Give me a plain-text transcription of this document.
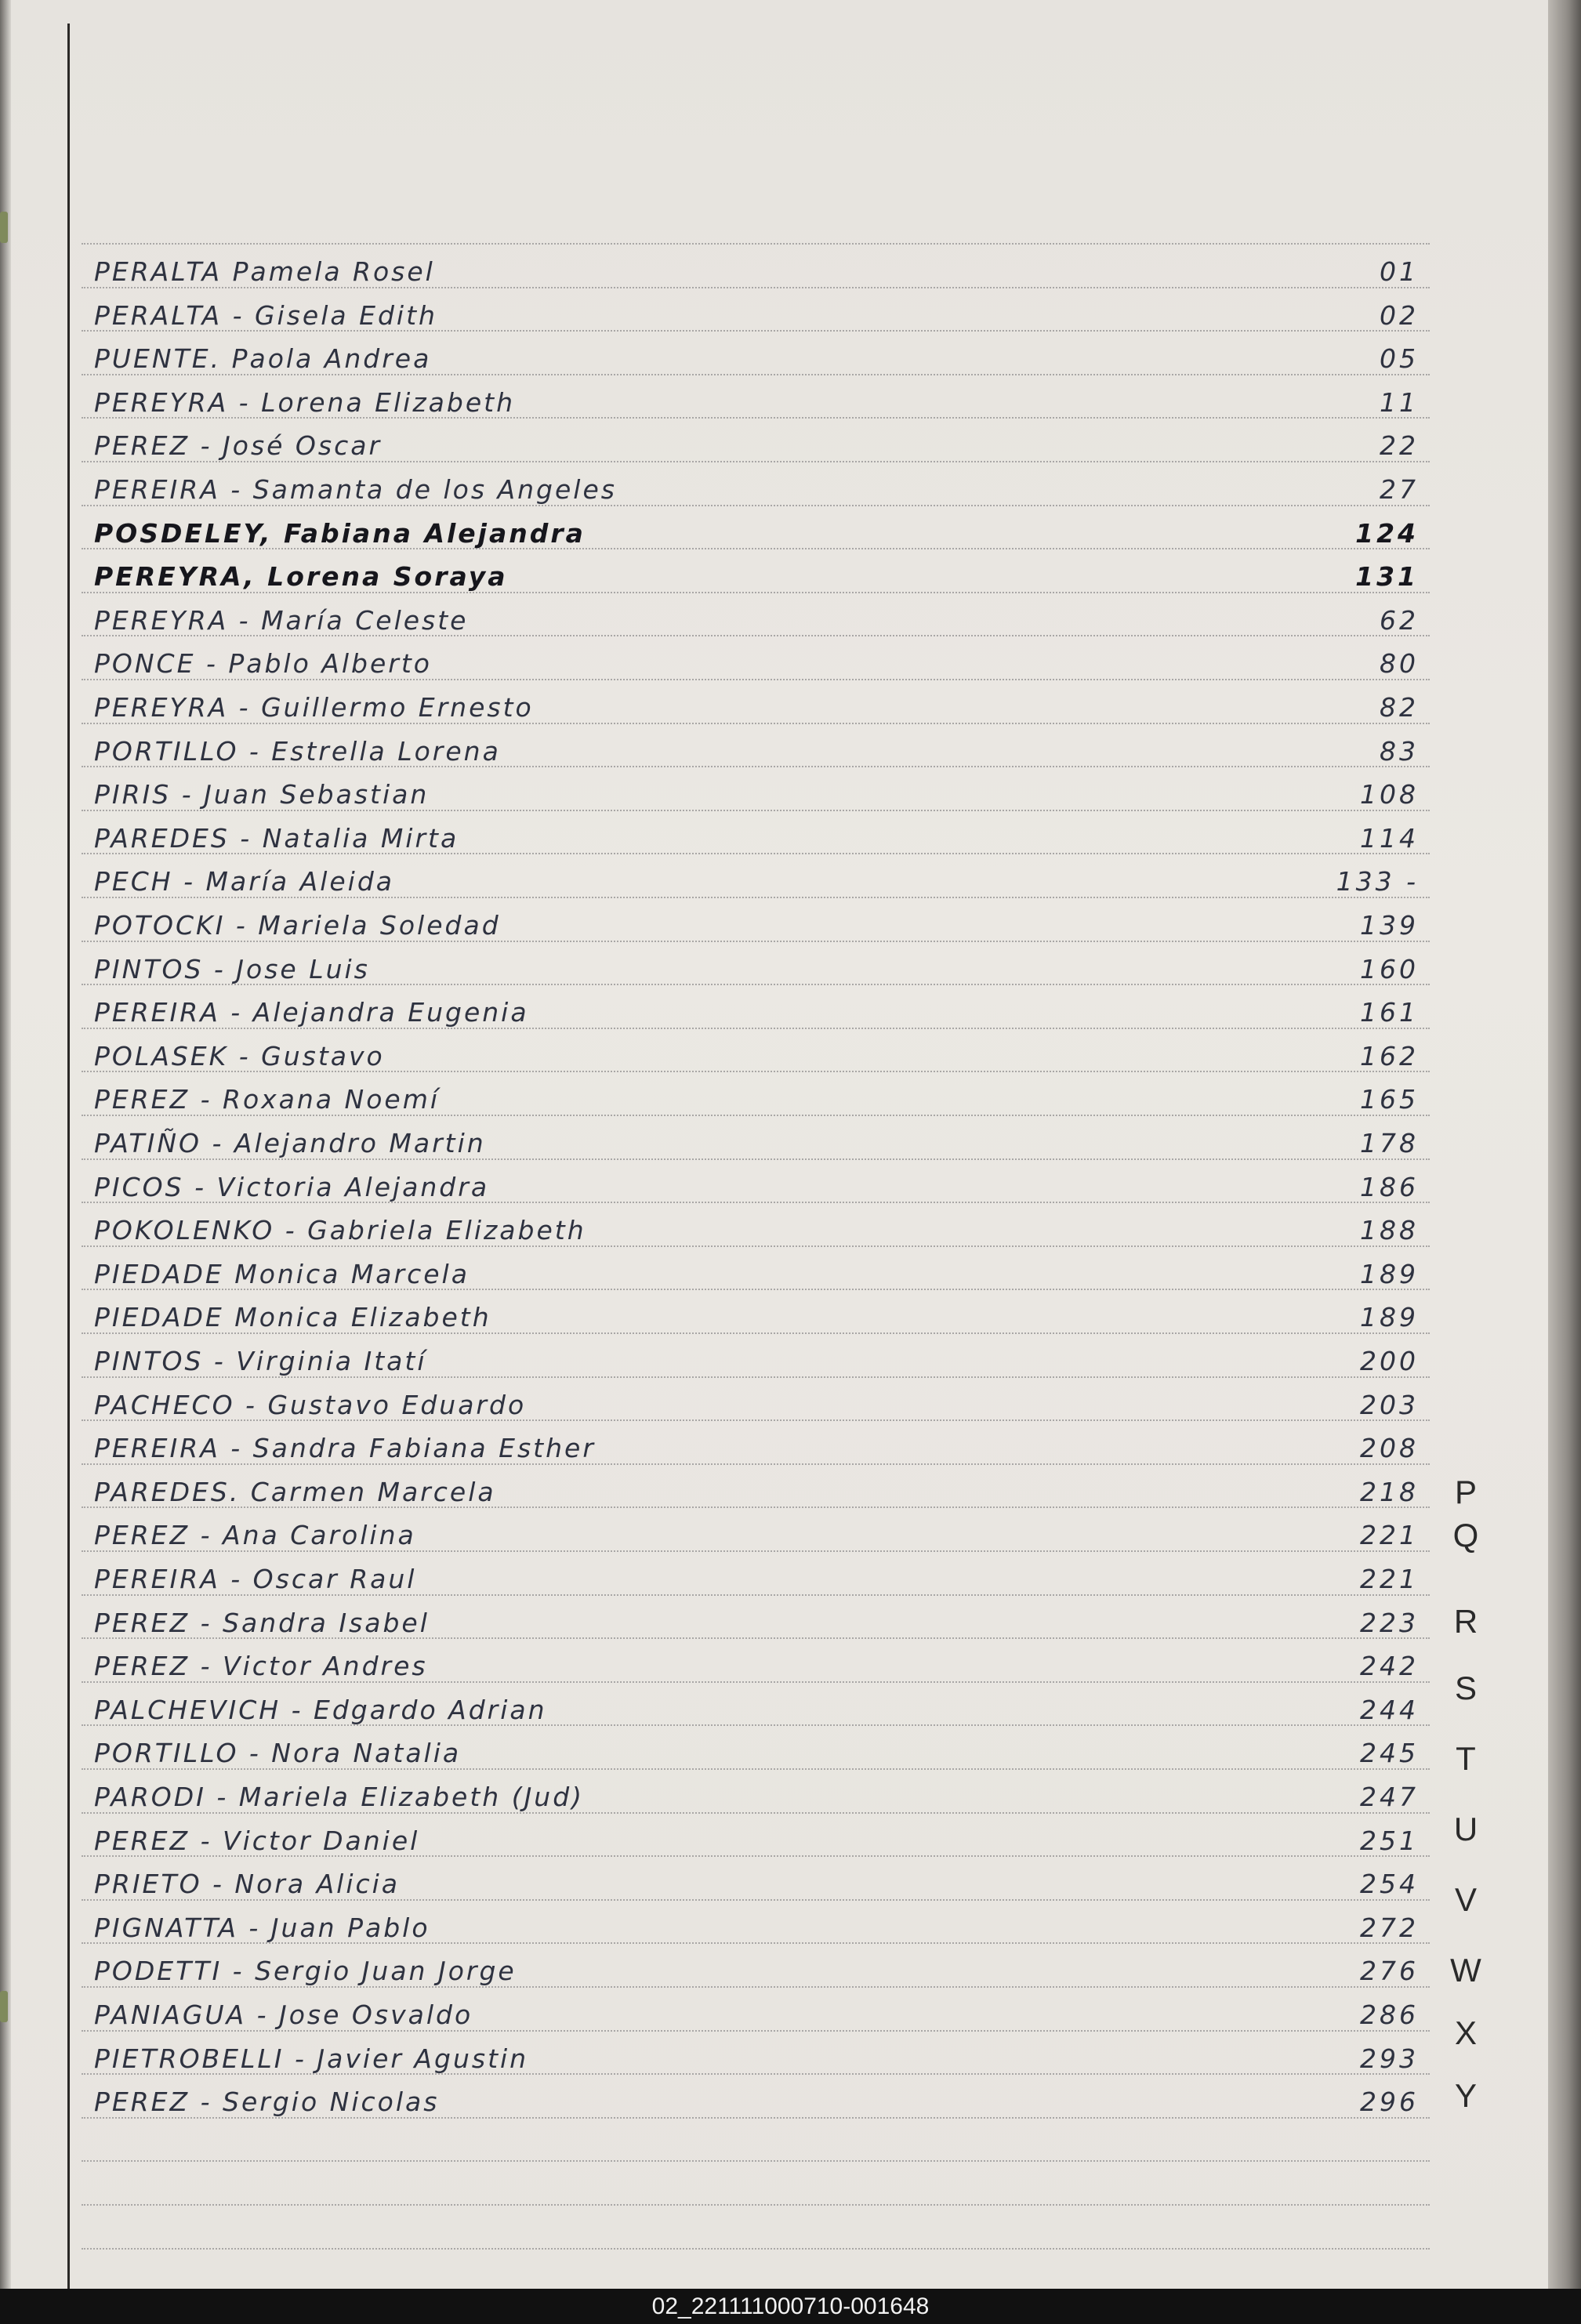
PERALTA Pamela Rosel	01
PERALTA - Gisela Edith	02
PUENTE. Paola Andrea	05
PEREYRA - Lorena Elizabeth	11
PEREZ - José Oscar	22
PEREIRA - Samanta de los Angeles	27
POSDELEY, Fabiana Alejandra	124
PEREYRA, Lorena Soraya	131
PEREYRA - María Celeste	62
PONCE - Pablo Alberto	80
PEREYRA - Guillermo Ernesto	82
PORTILLO - Estrella Lorena	83
PIRIS - Juan Sebastian	108
PAREDES - Natalia Mirta	114
PECH - María Aleida	133 -
POTOCKI - Mariela Soledad	139
PINTOS - Jose Luis	160
PEREIRA - Alejandra Eugenia	161
POLASEK - Gustavo	162
PEREZ - Roxana Noemí	165
PATIÑO - Alejandro Martin	178
PICOS - Victoria Alejandra	186
POKOLENKO - Gabriela Elizabeth	188
PIEDADE Monica Marcela	189
PIEDADE Monica Elizabeth	189
PINTOS - Virginia Itatí	200
PACHECO - Gustavo Eduardo	203
PEREIRA - Sandra Fabiana Esther	208
PAREDES. Carmen Marcela	218
PEREZ - Ana Carolina	221
PEREIRA - Oscar Raul	221
PEREZ - Sandra Isabel	223
PEREZ - Victor Andres	242
PALCHEVICH - Edgardo Adrian	244
PORTILLO - Nora Natalia	245
PARODI - Mariela Elizabeth (Jud)	247
PEREZ - Victor Daniel	251
PRIETO - Nora Alicia	254
PIGNATTA - Juan Pablo	272
PODETTI - Sergio Juan Jorge	276
PANIAGUA - Jose Osvaldo	286
PIETROBELLI - Javier Agustin	293
PEREZ - Sergio Nicolas	296
P
Q
R
S
T
U
V
W
X
Y
02_221111000710-001648
